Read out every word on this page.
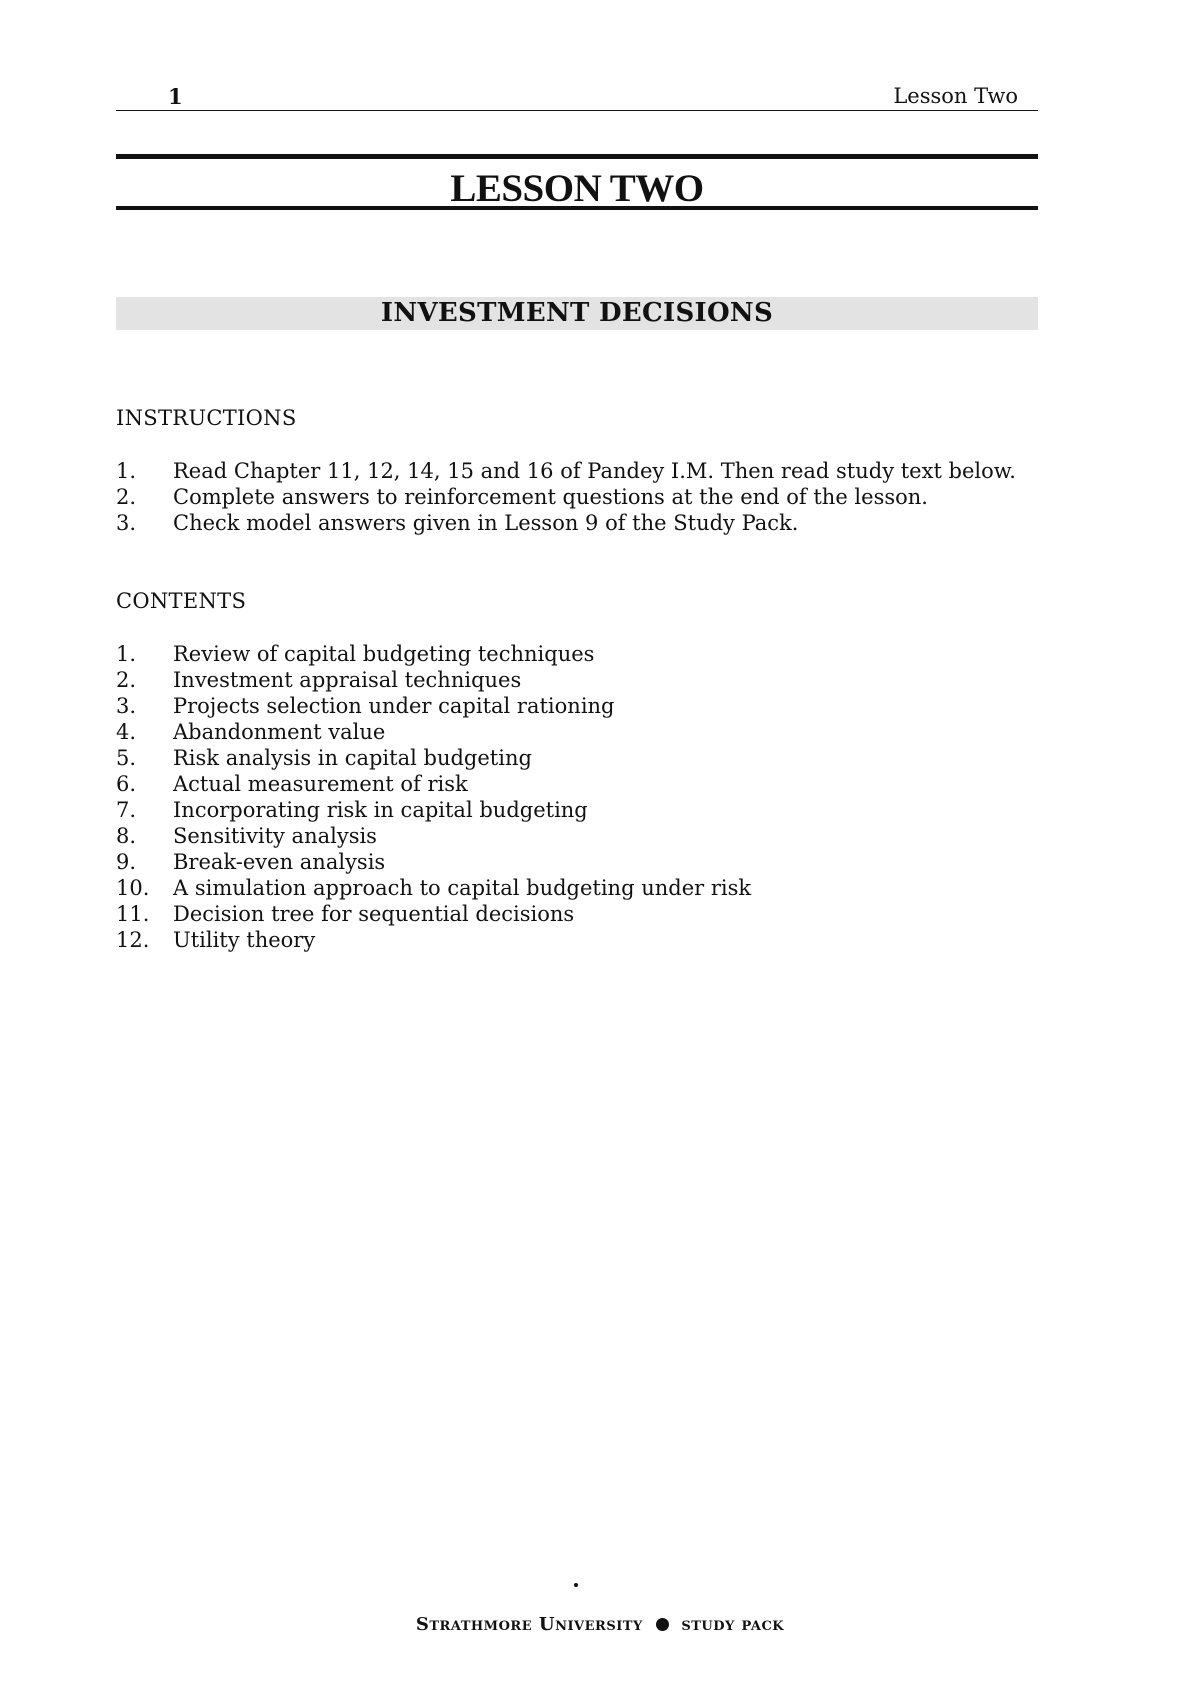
1	Lesson Two
LESSON TWO
INVESTMENT DECISIONS
INSTRUCTIONS
1. Read Chapter 11, 12, 14, 15 and 16 of Pandey I.M. Then read study text below.
2. Complete answers to reinforcement questions at the end of the lesson.
3. Check model answers given in Lesson 9 of the Study Pack.
CONTENTS
1. Review of capital budgeting techniques
2. Investment appraisal techniques
3. Projects selection under capital rationing
4. Abandonment value
5. Risk analysis in capital budgeting
6. Actual measurement of risk
7. Incorporating risk in capital budgeting
8. Sensitivity analysis
9. Break-even analysis
10. A simulation approach to capital budgeting under risk
11. Decision tree for sequential decisions
12. Utility theory
Strathmore University study pack
